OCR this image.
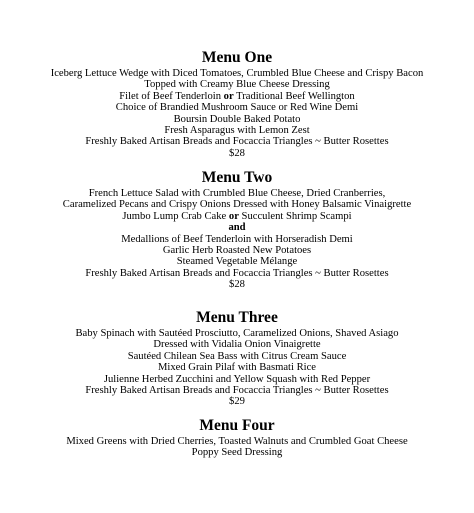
Menu One
Iceberg Lettuce Wedge with Diced Tomatoes, Crumbled Blue Cheese and Crispy Bacon
Topped with Creamy Blue Cheese Dressing
Filet of Beef Tenderloin or Traditional Beef Wellington
Choice of Brandied Mushroom Sauce or Red Wine Demi
Boursin Double Baked Potato
Fresh Asparagus with Lemon Zest
Freshly Baked Artisan Breads and Focaccia Triangles ~ Butter Rosettes
$28
Menu Two
French Lettuce Salad with Crumbled Blue Cheese, Dried Cranberries,
Caramelized Pecans and Crispy Onions Dressed with Honey Balsamic Vinaigrette
Jumbo Lump Crab Cake or Succulent Shrimp Scampi
and
Medallions of Beef Tenderloin with Horseradish Demi
Garlic Herb Roasted New Potatoes
Steamed Vegetable Mélange
Freshly Baked Artisan Breads and Focaccia Triangles ~ Butter Rosettes
$28
Menu Three
Baby Spinach with Sautéed Prosciutto, Caramelized Onions, Shaved Asiago
Dressed with Vidalia Onion Vinaigrette
Sautéed Chilean Sea Bass with Citrus Cream Sauce
Mixed Grain Pilaf with Basmati Rice
Julienne Herbed Zucchini and Yellow Squash with Red Pepper
Freshly Baked Artisan Breads and Focaccia Triangles ~ Butter Rosettes
$29
Menu Four
Mixed Greens with Dried Cherries, Toasted Walnuts and Crumbled Goat Cheese
Poppy Seed Dressing
